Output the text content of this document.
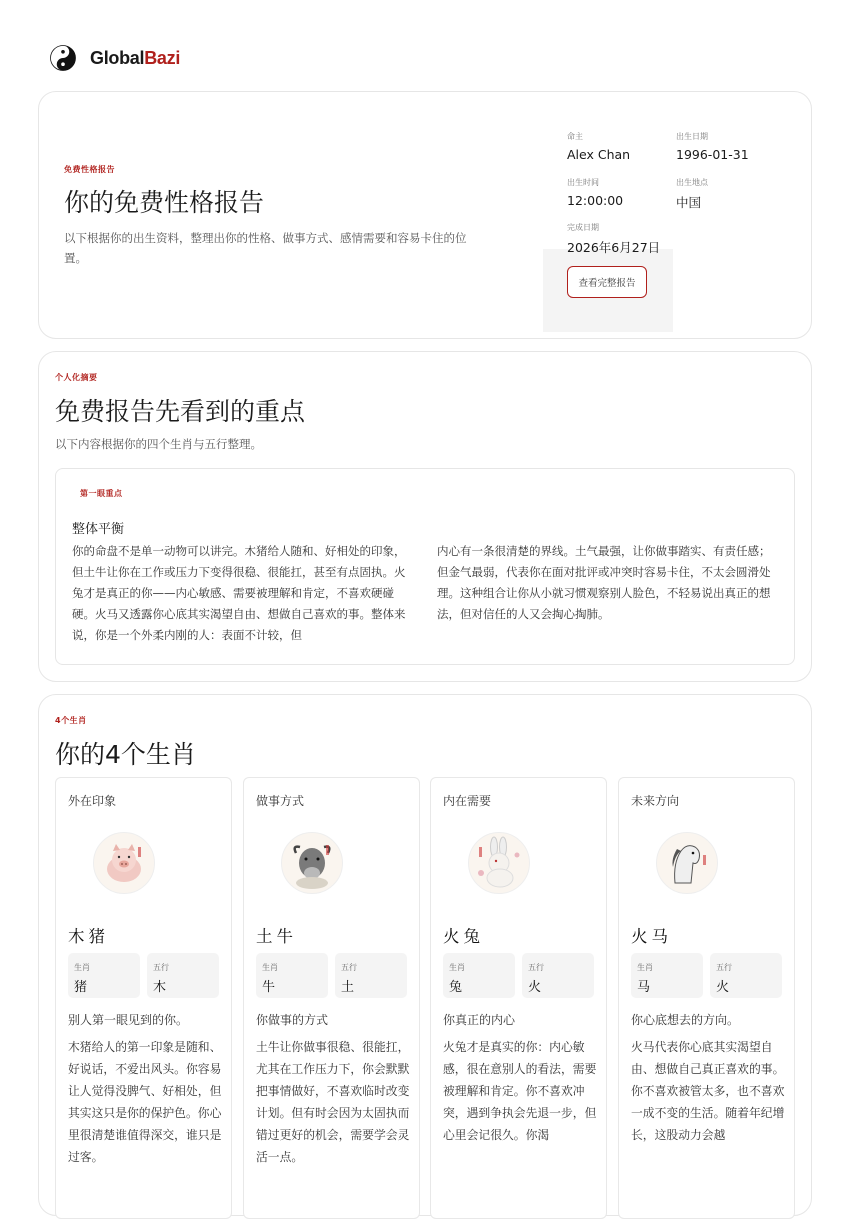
GlobalBazi
免费性格报告
你的免费性格报告
以下根据你的出生资料，整理出你的性格、做事方式、感情需要和容易卡住的位置。
命主
Alex Chan
出生日期
1996-01-31
出生时间
12:00:00
出生地点
中国
完成日期
2026年6月27日
查看完整报告
个人化摘要
免费报告先看到的重点
以下内容根据你的四个生肖与五行整理。
第一眼重点
整体平衡
你的命盘不是单一动物可以讲完。木猪给人随和、好相处的印象，但土牛让你在工作或压力下变得很稳、很能扛，甚至有点固执。火兔才是真正的你——内心敏感、需要被理解和肯定，不喜欢硬碰硬。火马又透露你心底其实渴望自由、想做自己喜欢的事。整体来说，你是一个外柔内刚的人：表面不计较，但
内心有一条很清楚的界线。土气最强，让你做事踏实、有责任感；但金气最弱，代表你在面对批评或冲突时容易卡住，不太会圆滑处理。这种组合让你从小就习惯观察别人脸色，不轻易说出真正的想法，但对信任的人又会掏心掏肺。
4个生肖
你的4个生肖
外在印象
木猪
生肖
猪
五行
木
别人第一眼见到的你。
木猪给人的第一印象是随和、好说话，不爱出风头。你容易让人觉得没脾气、好相处，但其实这只是你的保护色。你心里很清楚谁值得深交，谁只是过客。
做事方式
土牛
生肖
牛
五行
土
你做事的方式
土牛让你做事很稳、很能扛，尤其在工作压力下，你会默默把事情做好，不喜欢临时改变计划。但有时会因为太固执而错过更好的机会，需要学会灵活一点。
内在需要
火兔
生肖
兔
五行
火
你真正的内心
火兔才是真实的你：内心敏感，很在意别人的看法，需要被理解和肯定。你不喜欢冲突，遇到争执会先退一步，但心里会记很久。你渴
未来方向
火马
生肖
马
五行
火
你心底想去的方向。
火马代表你心底其实渴望自由、想做自己真正喜欢的事。你不喜欢被管太多，也不喜欢一成不变的生活。随着年纪增长，这股动力会越
